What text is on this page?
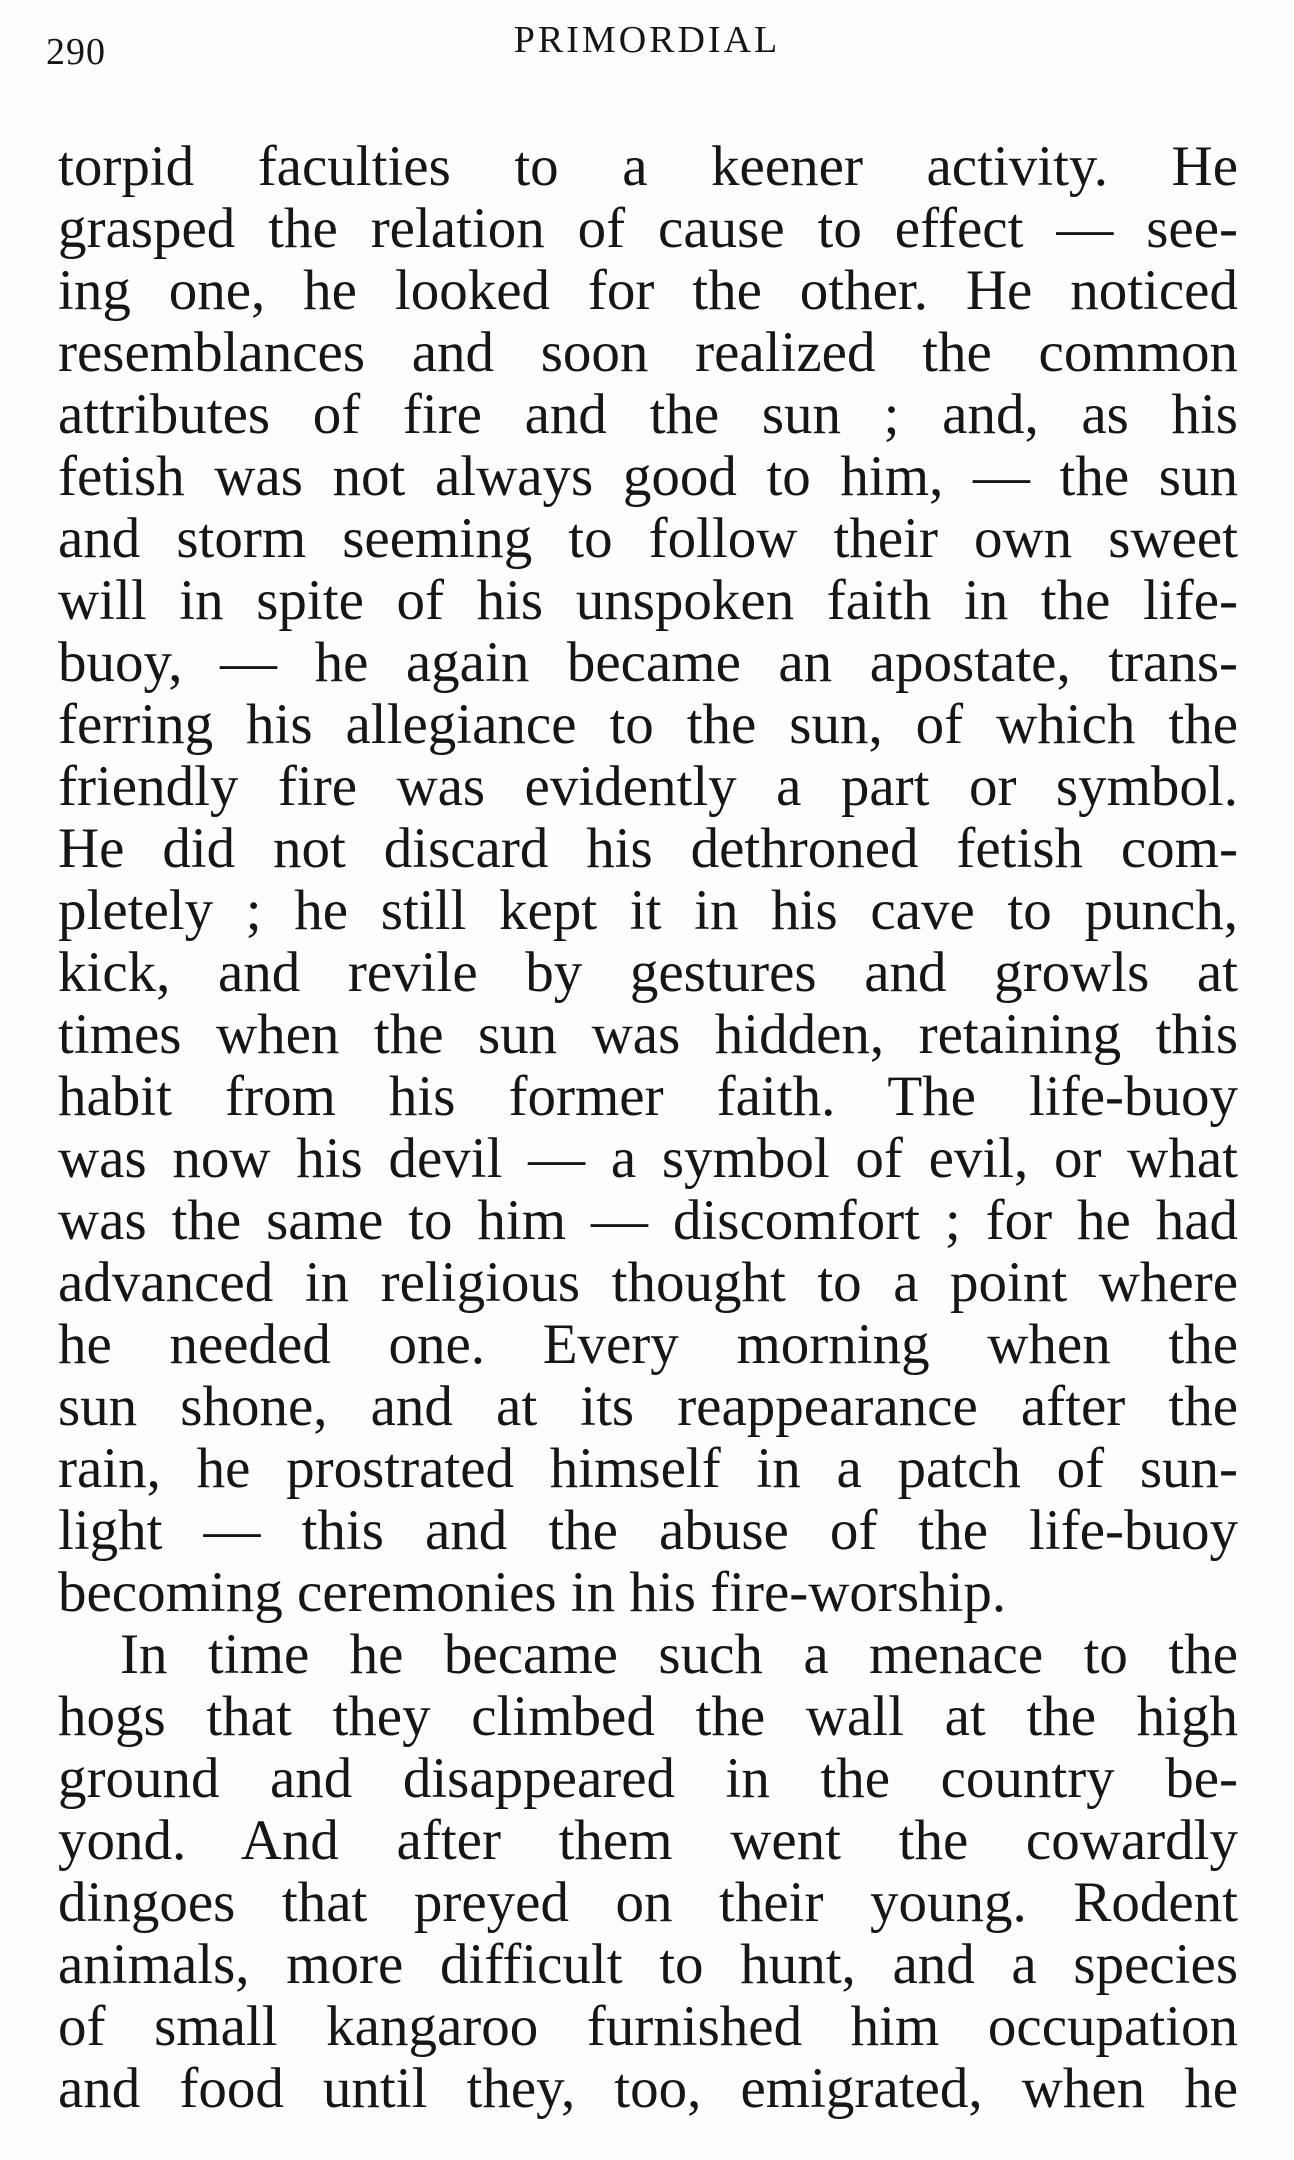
290	PRIMORDIAL
torpid faculties to a keener activity. He
grasped the relation of cause to effect — see-
ing one, he looked for the other. He noticed
resemblances and soon realized the common
attributes of fire and the sun ; and, as his
fetish was not always good to him, — the sun
and storm seeming to follow their own sweet
will in spite of his unspoken faith in the life-
buoy, — he again became an apostate, trans-
ferring his allegiance to the sun, of which the
friendly fire was evidently a part or symbol.
He did not discard his dethroned fetish com-
pletely ; he still kept it in his cave to punch,
kick, and revile by gestures and growls at
times when the sun was hidden, retaining this
habit from his former faith. The life-buoy
was now his devil — a symbol of evil, or what
was the same to him — discomfort ; for he had
advanced in religious thought to a point where
he needed one. Every morning when the
sun shone, and at its reappearance after the
rain, he prostrated himself in a patch of sun-
light — this and the abuse of the life-buoy
becoming ceremonies in his fire-worship.
In time he became such a menace to the
hogs that they climbed the wall at the high
ground and disappeared in the country be-
yond. And after them went the cowardly
dingoes that preyed on their young. Rodent
animals, more difficult to hunt, and a species
of small kangaroo furnished him occupation
and food until they, too, emigrated, when he
